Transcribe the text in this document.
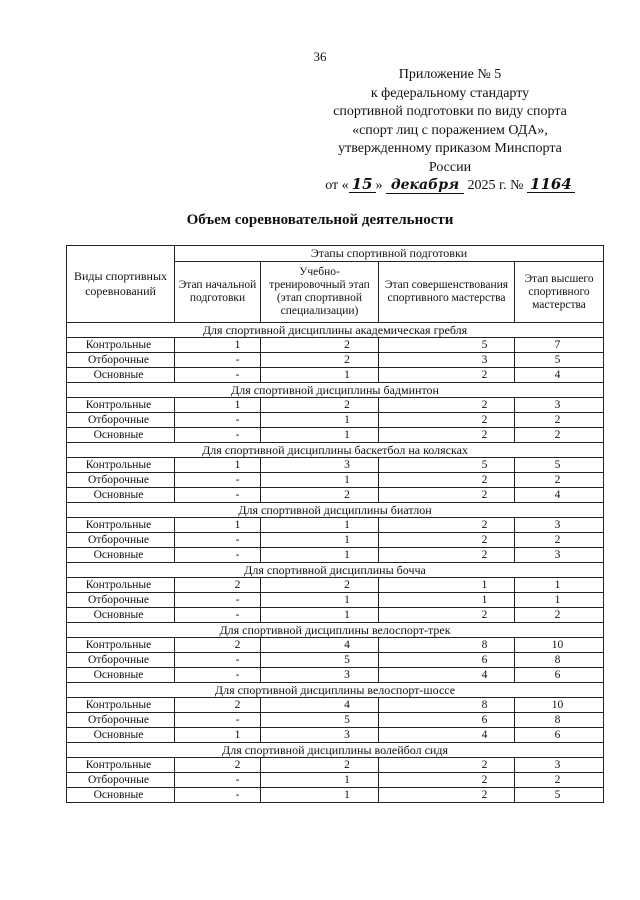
36
Приложение № 5
к федеральному стандарту
спортивной подготовки по виду спорта
«спорт лиц с поражением ОДА»,
утвержденному приказом Минспорта
России
от « 15 » декабря 2025 г. № 1164
Объем соревновательной деятельности
Виды спортивных соревнований	Этапы спортивной подготовки			
	Этап начальной подготовки	Учебно-тренировочный этап (этап спортивной специализации)	Этап совершенствования спортивного мастерства	Этап высшего спортивного мастерства
Для спортивной дисциплины академическая гребля				
Контрольные	1	2	5	7
Отборочные	-	2	3	5
Основные	-	1	2	4
Для спортивной дисциплины бадминтон				
Контрольные	1	2	2	3
Отборочные	-	1	2	2
Основные	-	1	2	2
Для спортивной дисциплины баскетбол на колясках				
Контрольные	1	3	5	5
Отборочные	-	1	2	2
Основные	-	2	2	4
Для спортивной дисциплины биатлон				
Контрольные	1	1	2	3
Отборочные	-	1	2	2
Основные	-	1	2	3
Для спортивной дисциплины бочча				
Контрольные	2	2	1	1
Отборочные	-	1	1	1
Основные	-	1	2	2
Для спортивной дисциплины велоспорт-трек				
Контрольные	2	4	8	10
Отборочные	-	5	6	8
Основные	-	3	4	6
Для спортивной дисциплины велоспорт-шоссе				
Контрольные	2	4	8	10
Отборочные	-	5	6	8
Основные	1	3	4	6
Для спортивной дисциплины волейбол сидя				
Контрольные	2	2	2	3
Отборочные	-	1	2	2
Основные	-	1	2	5
